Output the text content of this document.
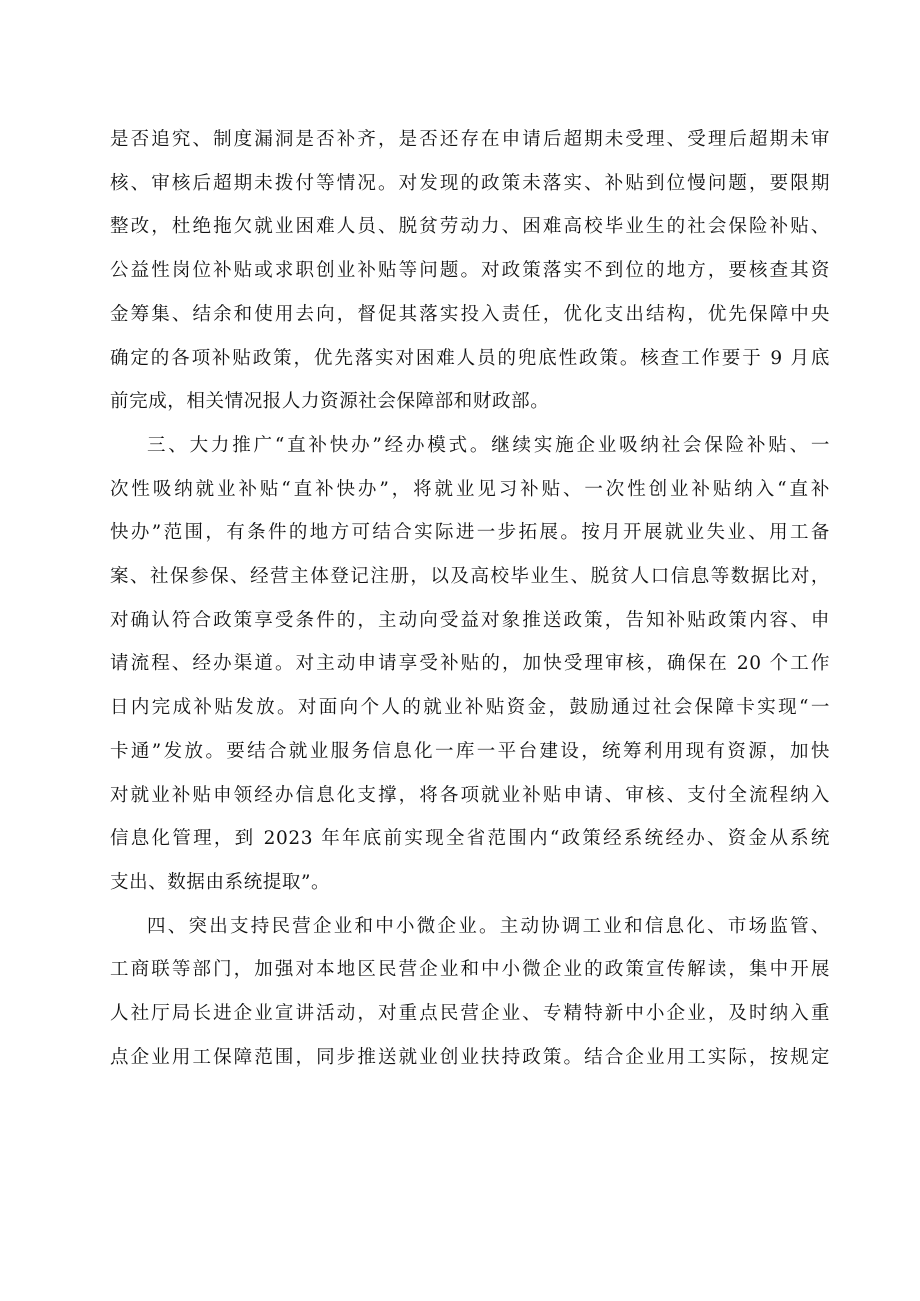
是否追究、制度漏洞是否补齐，是否还存在申请后超期未受理、受理后超期未审
核、审核后超期未拨付等情况。对发现的政策未落实、补贴到位慢问题，要限期
整改，杜绝拖欠就业困难人员、脱贫劳动力、困难高校毕业生的社会保险补贴、
公益性岗位补贴或求职创业补贴等问题。对政策落实不到位的地方，要核查其资
金筹集、结余和使用去向，督促其落实投入责任，优化支出结构，优先保障中央
确定的各项补贴政策，优先落实对困难人员的兜底性政策。核查工作要于 9 月底
前完成，相关情况报人力资源社会保障部和财政部。

三、大力推广“直补快办”经办模式。继续实施企业吸纳社会保险补贴、一
次性吸纳就业补贴“直补快办”，将就业见习补贴、一次性创业补贴纳入“直补
快办”范围，有条件的地方可结合实际进一步拓展。按月开展就业失业、用工备
案、社保参保、经营主体登记注册，以及高校毕业生、脱贫人口信息等数据比对，
对确认符合政策享受条件的，主动向受益对象推送政策，告知补贴政策内容、申
请流程、经办渠道。对主动申请享受补贴的，加快受理审核，确保在 20 个工作
日内完成补贴发放。对面向个人的就业补贴资金，鼓励通过社会保障卡实现“一
卡通”发放。要结合就业服务信息化一库一平台建设，统筹利用现有资源，加快
对就业补贴申领经办信息化支撑，将各项就业补贴申请、审核、支付全流程纳入
信息化管理，到 2023 年年底前实现全省范围内“政策经系统经办、资金从系统
支出、数据由系统提取”。

四、突出支持民营企业和中小微企业。主动协调工业和信息化、市场监管、
工商联等部门，加强对本地区民营企业和中小微企业的政策宣传解读，集中开展
人社厅局长进企业宣讲活动，对重点民营企业、专精特新中小企业，及时纳入重
点企业用工保障范围，同步推送就业创业扶持政策。结合企业用工实际，按规定
